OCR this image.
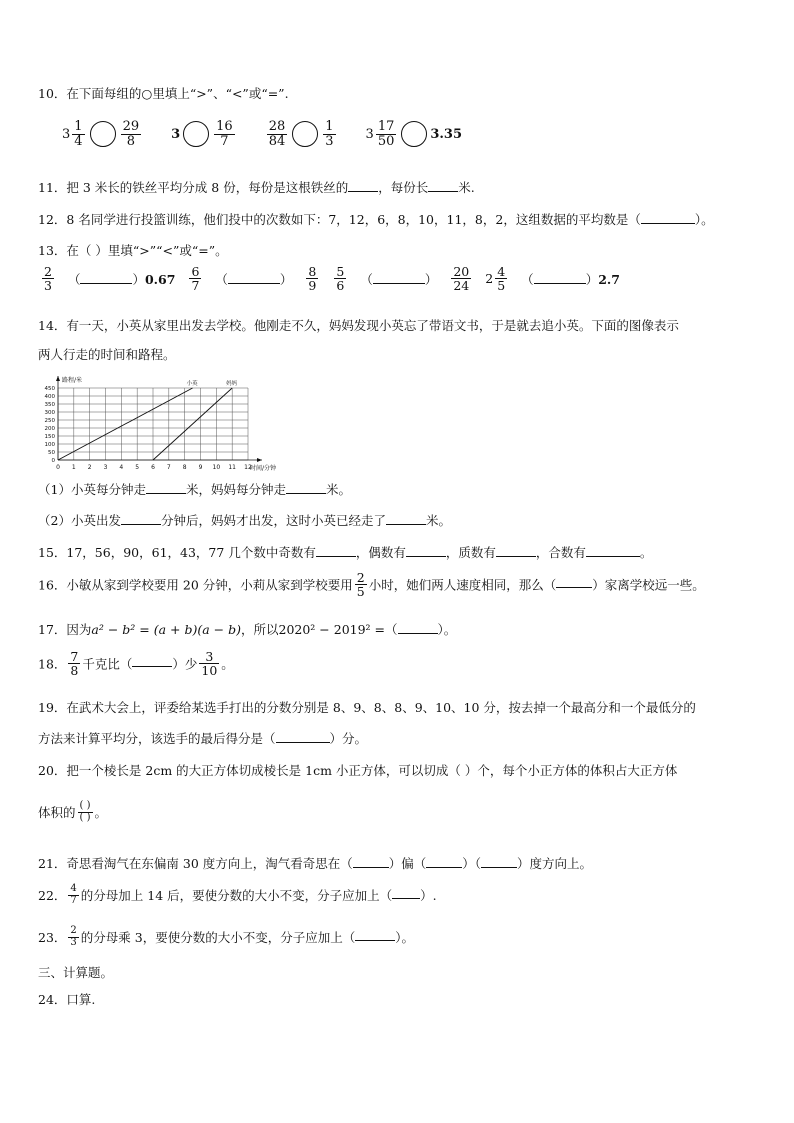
10．在下面每组的○里填上“>”、“<”或“=”.
$3 \frac{1}{4}$	$\frac{29}{8} 3$	$\frac{16}{7} \frac{28}{84}$	$\frac{1}{3} 3 \frac{17}{50}$	3.35
11．把 3 米长的铁丝平均分成 8 份，每份是这根铁丝的 ，每份长 米.
12．8 名同学进行投篮训练，他们投中的次数如下：7，12，6，8，10，11，8，2，这组数据的平均数是（	）。
13．在（ ）里填“>”“<”或“=”。
$\frac{2}{3}$ （	）$0.67 \frac{6}{7}$ （	） $\frac{8}{9} \frac{5}{6}$ （	） $\frac{20}{24} 2 \frac{4}{5}$ （	）2.7
14．有一天，小英从家里出发去学校。他刚走不久，妈妈发现小英忘了带语文书，于是就去追小英。下面的图像表示
两人行走的时间和路程。
0 1 2 3 4 5 6 7 8 9 10 11 12
0
50
100
150
200
250
300
350
400
450
路程/米
时间/分钟
小英	妈妈
（1）小英每分钟走	米，妈妈每分钟走	米。
（2）小英出发	分钟后，妈妈才出发，这时小英已经走了	米。
15．17，56，90，61，43，77 几个数中奇数有	，偶数有	，质数有	，合数有	。
16．小敏从家到学校要用 20 分钟，小莉从家到学校要用 $\frac{2}{5}$ 小时，她们两人速度相同，那么（	）家离学校远一些。
17．因为a² − b² = (a + b)(a − b)，所以2020² − 2019² =（	）。
18． $\frac{7}{8}$ 千克比（	）少 $\frac{3}{10}$ 。
19．在武术大会上，评委给某选手打出的分数分别是 8、9、8、8、9、10、10 分，按去掉一个最高分和一个最低分的
方法来计算平均分，该选手的最后得分是（	）分。
20．把一个棱长是 2cm 的大正方体切成棱长是 1cm 小正方体，可以切成（ ）个，每个小正方体的体积占大正方体
体积的 $\frac{( )}{( )}$ 。
21．奇思看淘气在东偏南 30 度方向上，淘气看奇思在（	）偏（	）（	）度方向上。
22． $\frac{4}{7}$ 的分母加上 14 后，要使分数的大小不变，分子应加上（ ）.
23． $\frac{2}{3}$ 的分母乘 3，要使分数的大小不变，分子应加上（	）。
三、计算题。
24．口算.
